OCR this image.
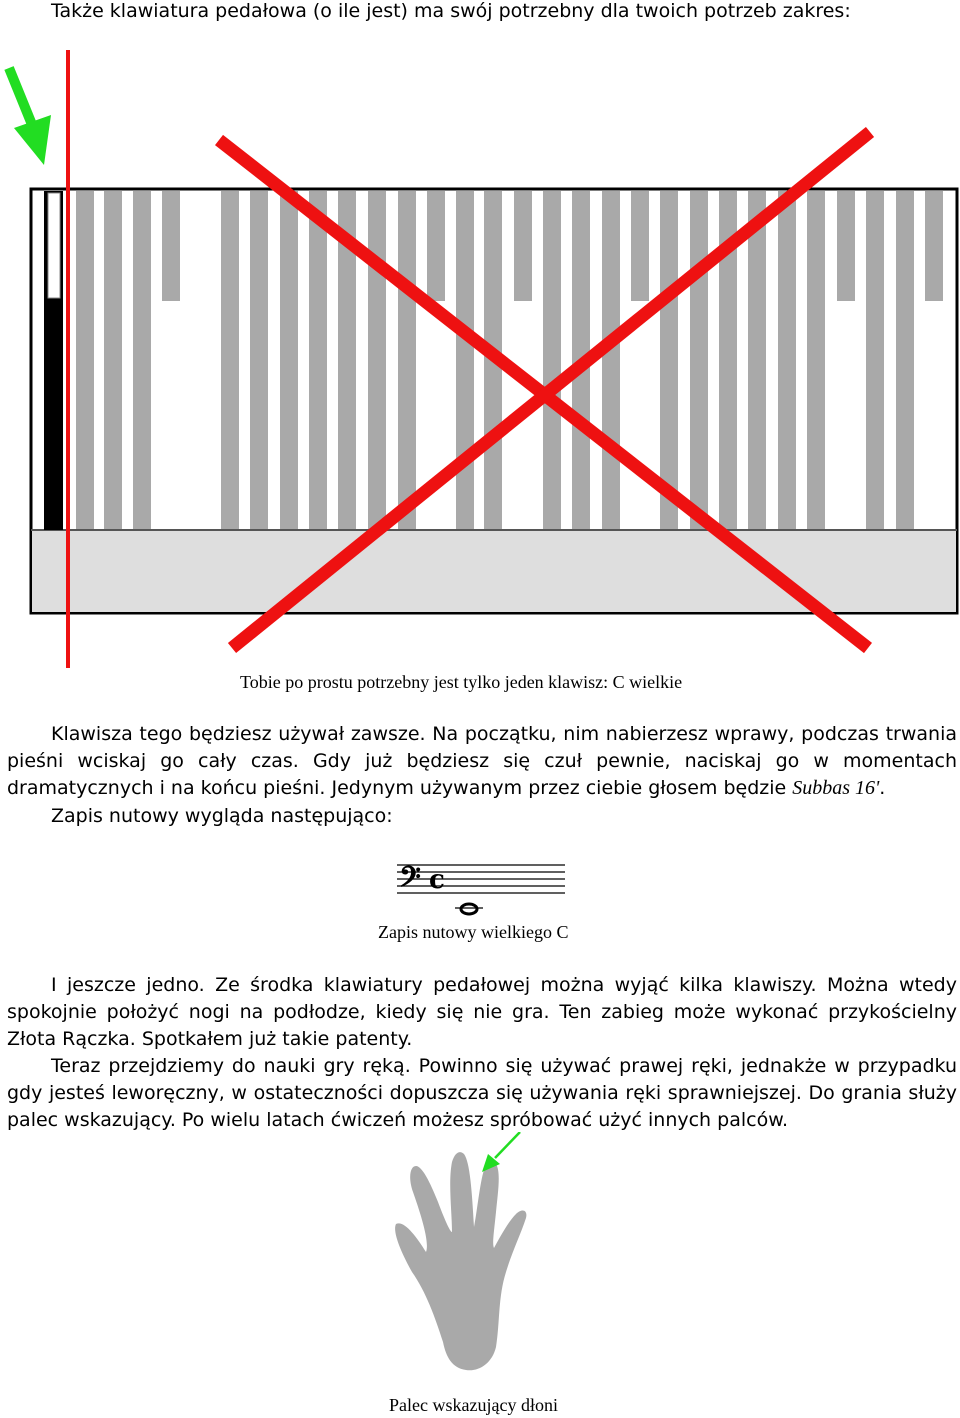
Także klawiatura pedałowa (o ile jest) ma swój potrzebny dla twoich potrzeb zakres:
Tobie po prostu potrzebny jest tylko jeden klawisz: C wielkie

Klawisza tego będziesz używał zawsze. Na początku, nim nabierzesz wprawy, podczas trwania pieśni wciskaj go cały czas. Gdy już będziesz się czuł pewnie, naciskaj go w momentach dramatycznych i na końcu pieśni. Jedynym używanym przez ciebie głosem będzie Subbas 16'.

Zapis nutowy wygląda następująco:

𝄢 c
Zapis nutowy wielkiego C

I jeszcze jedno. Ze środka klawiatury pedałowej można wyjąć kilka klawiszy. Można wtedy spokojnie położyć nogi na podłodze, kiedy się nie gra. Ten zabieg może wykonać przykościelny Złota Rączka. Spotkałem już takie patenty.

Teraz przejdziemy do nauki gry ręką. Powinno się używać prawej ręki, jednakże w przypadku gdy jesteś leworęczny, w ostateczności dopuszcza się używania ręki sprawniejszej. Do grania służy palec wskazujący. Po wielu latach ćwiczeń możesz spróbować użyć innych palców.

Palec wskazujący dłoni
